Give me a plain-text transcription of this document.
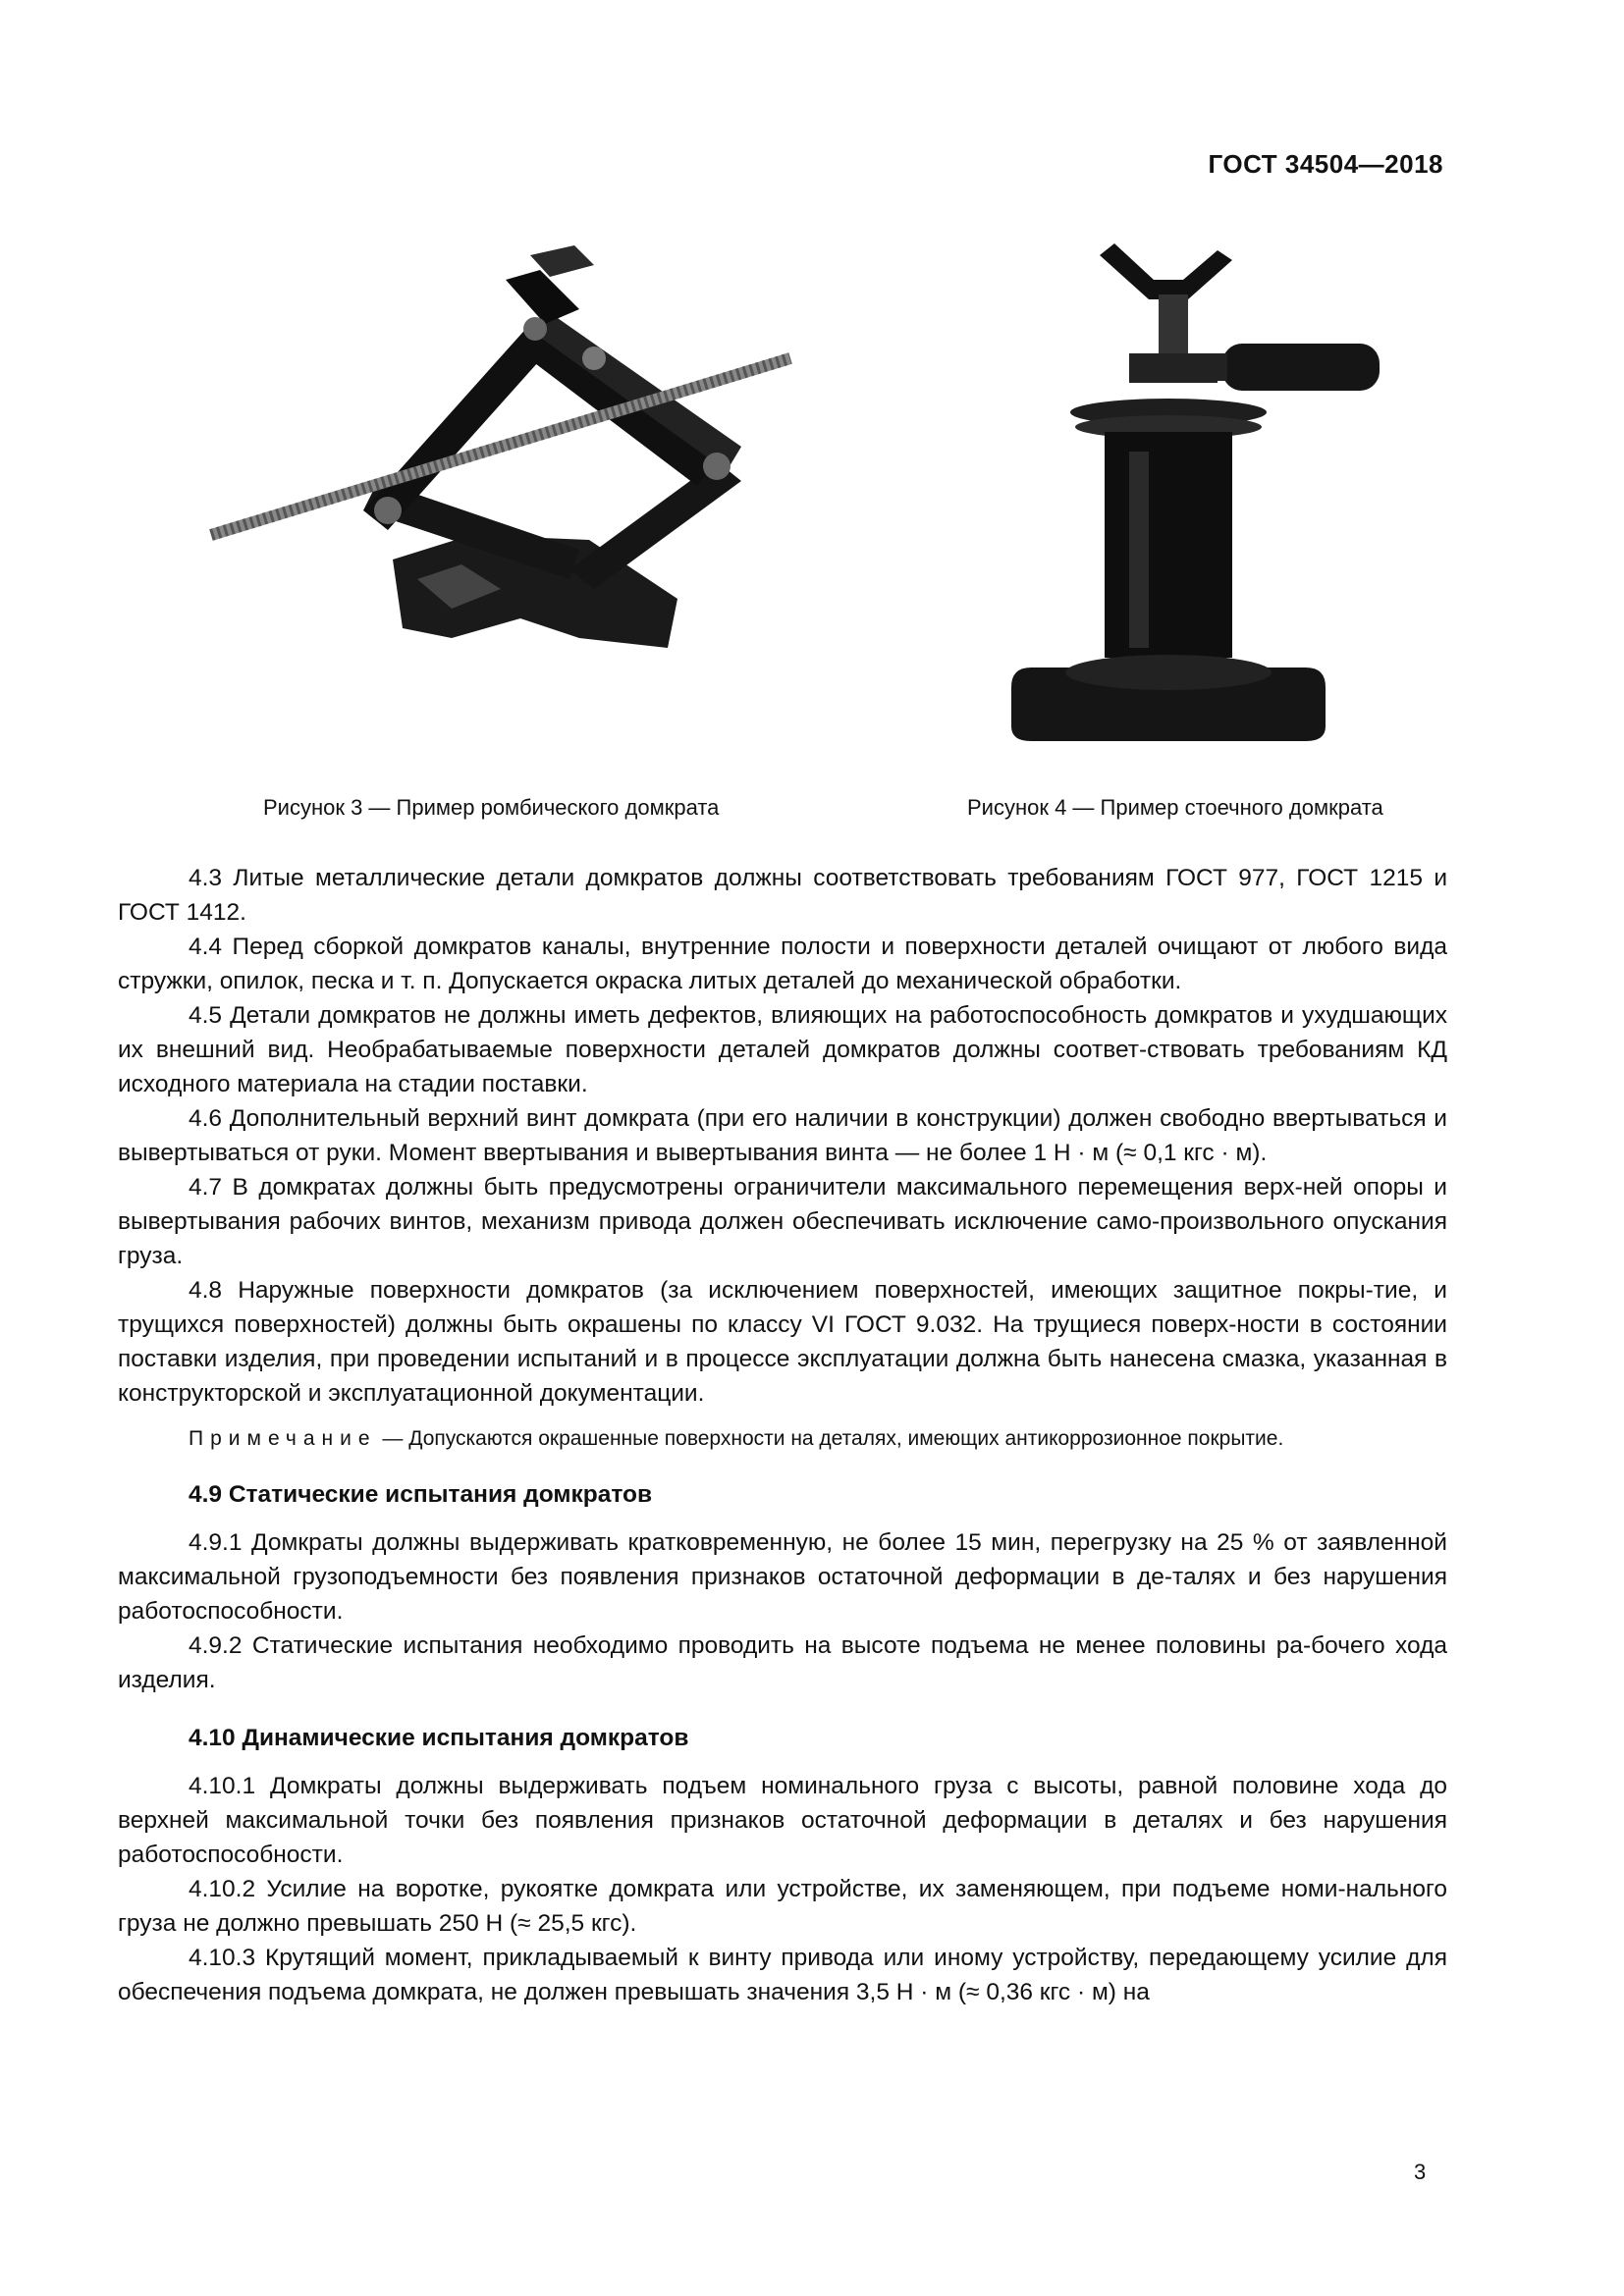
ГОСТ 34504—2018
Рисунок 3 — Пример ромбического домкрата	Рисунок 4 — Пример стоечного домкрата

4.3 Литые металлические детали домкратов должны соответствовать требованиям ГОСТ 977, ГОСТ 1215 и ГОСТ 1412.

4.4 Перед сборкой домкратов каналы, внутренние полости и поверхности деталей очищают от любого вида стружки, опилок, песка и т. п. Допускается окраска литых деталей до механической обработки.

4.5 Детали домкратов не должны иметь дефектов, влияющих на работоспособность домкратов и ухудшающих их внешний вид. Необрабатываемые поверхности деталей домкратов должны соответ-ствовать требованиям КД исходного материала на стадии поставки.

4.6 Дополнительный верхний винт домкрата (при его наличии в конструкции) должен свободно ввертываться и вывертываться от руки. Момент ввертывания и вывертывания винта — не более 1 Н · м (≈ 0,1 кгс · м).

4.7 В домкратах должны быть предусмотрены ограничители максимального перемещения верх-ней опоры и вывертывания рабочих винтов, механизм привода должен обеспечивать исключение само-произвольного опускания груза.

4.8 Наружные поверхности домкратов (за исключением поверхностей, имеющих защитное покры-тие, и трущихся поверхностей) должны быть окрашены по классу VI ГОСТ 9.032. На трущиеся поверх-ности в состоянии поставки изделия, при проведении испытаний и в процессе эксплуатации должна быть нанесена смазка, указанная в конструкторской и эксплуатационной документации.

Примечание — Допускаются окрашенные поверхности на деталях, имеющих антикоррозионное покрытие.

4.9 Статические испытания домкратов

4.9.1 Домкраты должны выдерживать кратковременную, не более 15 мин, перегрузку на 25 % от заявленной максимальной грузоподъемности без появления признаков остаточной деформации в де-талях и без нарушения работоспособности.

4.9.2 Статические испытания необходимо проводить на высоте подъема не менее половины ра-бочего хода изделия.

4.10 Динамические испытания домкратов

4.10.1 Домкраты должны выдерживать подъем номинального груза с высоты, равной половине хода до верхней максимальной точки без появления признаков остаточной деформации в деталях и без нарушения работоспособности.

4.10.2 Усилие на воротке, рукоятке домкрата или устройстве, их заменяющем, при подъеме номи-нального груза не должно превышать 250 Н (≈ 25,5 кгс).

4.10.3 Крутящий момент, прикладываемый к винту привода или иному устройству, передающему усилие для обеспечения подъема домкрата, не должен превышать значения 3,5 Н · м (≈ 0,36 кгс · м) на

3
